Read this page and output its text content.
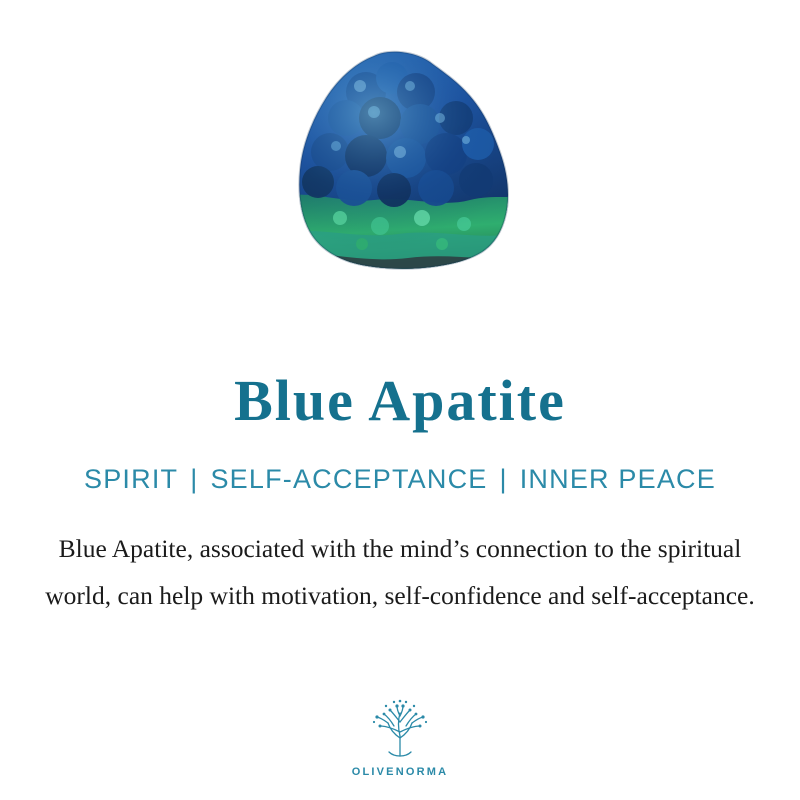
Blue Apatite
SPIRIT | SELF-ACCEPTANCE | INNER PEACE
Blue Apatite, associated with the mind’s connection to the spiritual world, can help with motivation, self-confidence and self-acceptance.
OLIVENORMA
